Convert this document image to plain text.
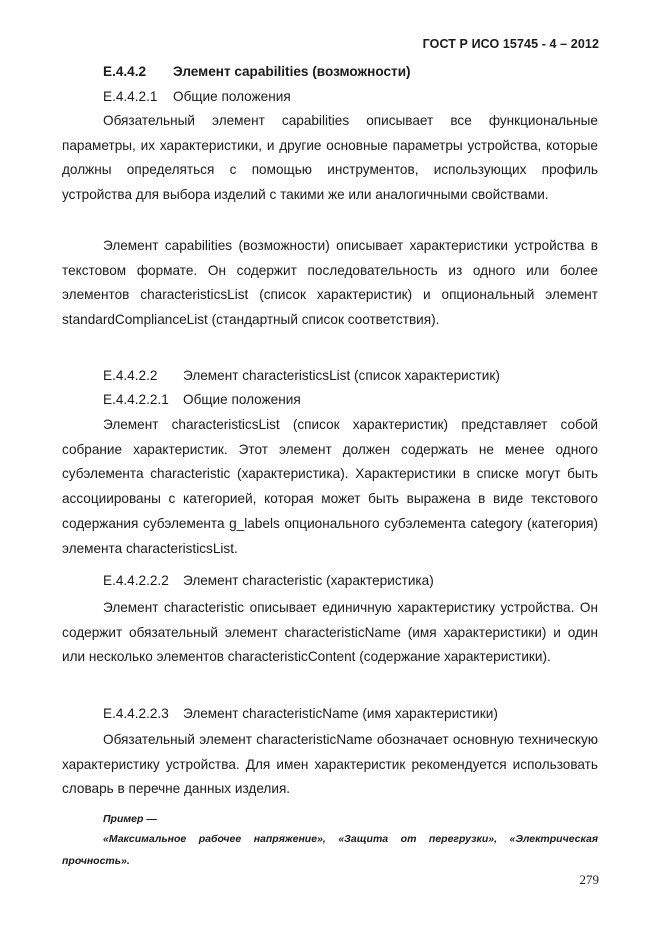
ГОСТ Р ИСО 15745 - 4 – 2012

E.4.4.2 Элемент capabilities (возможности)

E.4.4.2.1 Общие положения

Обязательный элемент capabilities описывает все функциональные параметры, их характеристики, и другие основные параметры устройства, которые должны определяться с помощью инструментов, использующих профиль устройства для выбора изделий с такими же или аналогичными свойствами.

Элемент capabilities (возможности) описывает характеристики устройства в текстовом формате. Он содержит последовательность из одного или более элементов characteristicsList (список характеристик) и опциональный элемент standardComplianceList (стандартный список соответствия).

E.4.4.2.2 Элемент characteristicsList (список характеристик)

E.4.4.2.2.1 Общие положения

Элемент characteristicsList (список характеристик) представляет собой собрание характеристик. Этот элемент должен содержать не менее одного субэлемента characteristic (характеристика). Характеристики в списке могут быть ассоциированы с категорией, которая может быть выражена в виде текстового содержания субэлемента g_labels опционального субэлемента category (категория) элемента characteristicsList.

E.4.4.2.2.2 Элемент characteristic (характеристика)

Элемент characteristic описывает единичную характеристику устройства. Он содержит обязательный элемент characteristicName (имя характеристики) и один или несколько элементов characteristicContent (содержание характеристики).

E.4.4.2.2.3 Элемент characteristicName (имя характеристики)

Обязательный элемент characteristicName обозначает основную техническую характеристику устройства. Для имен характеристик рекомендуется использовать словарь в перечне данных изделия.

Пример —

«Максимальное рабочее напряжение», «Защита от перегрузки», «Электрическая прочность».

279
